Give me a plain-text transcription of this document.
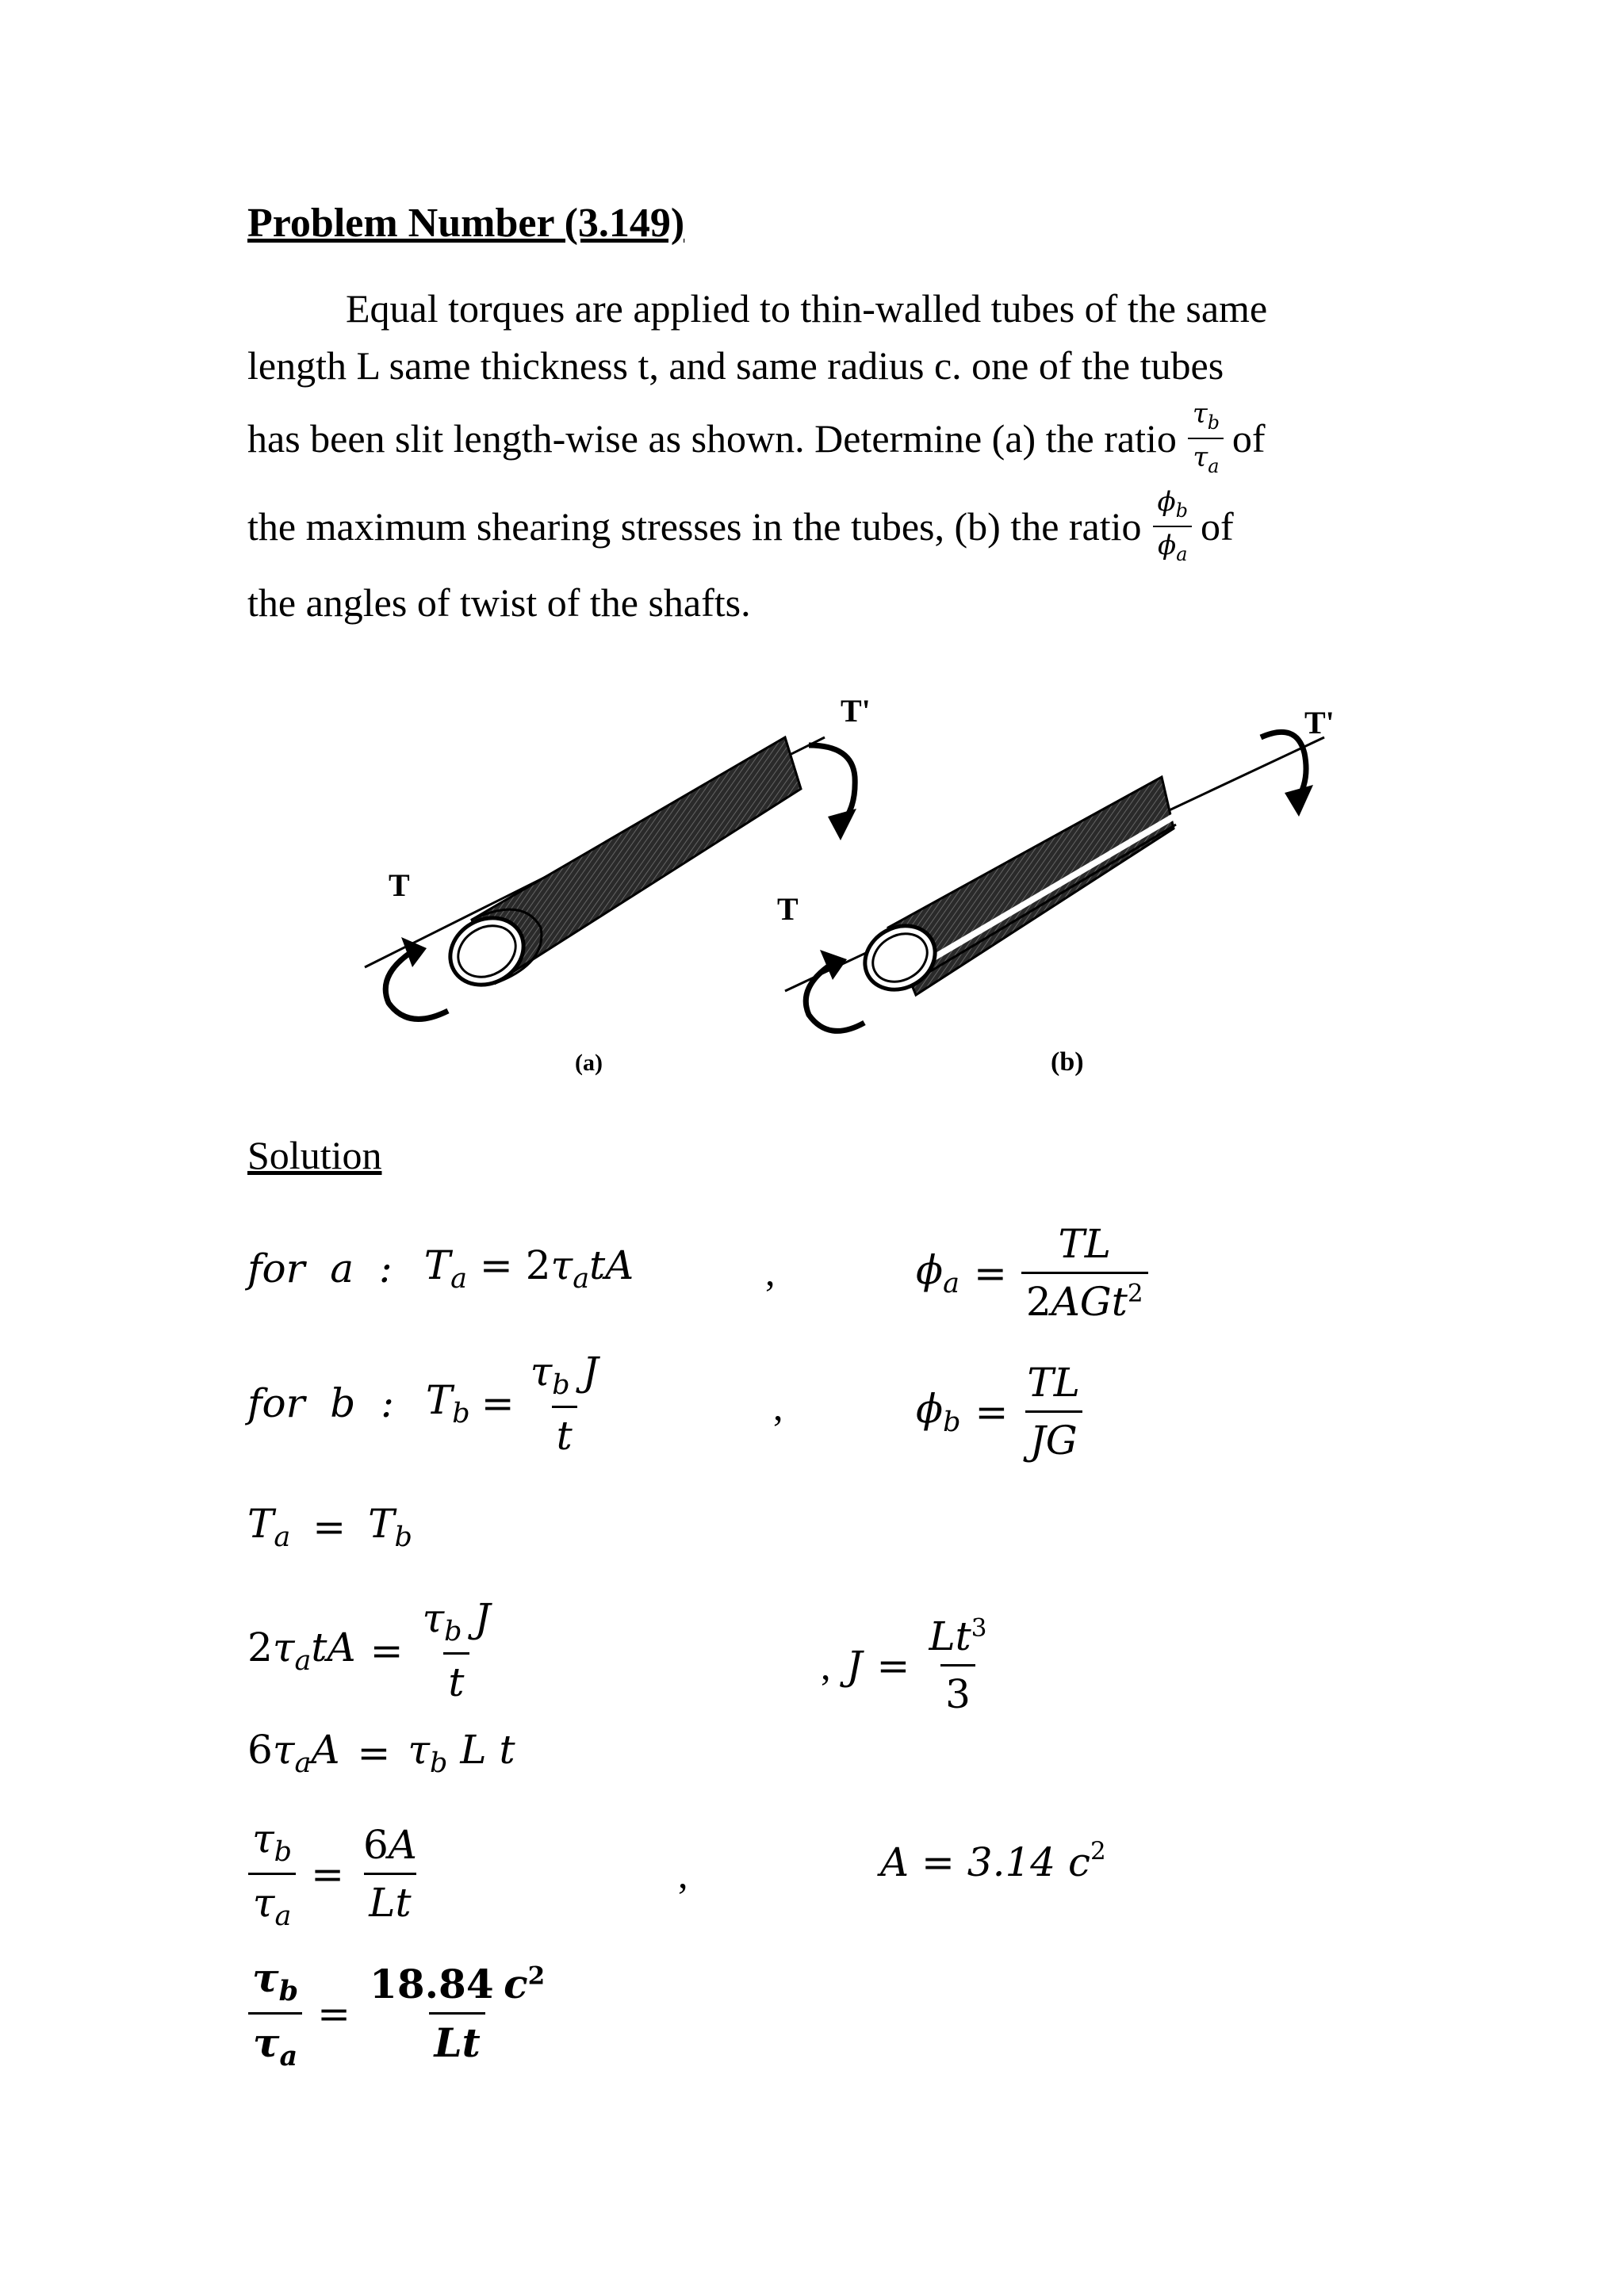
Problem Number (3.149)
Equal torques are applied to thin-walled tubes of the same
length L same thickness t, and same radius c. one of the tubes
has been slit length-wise as shown. Determine (a) the ratio $\frac{\tau_b}{\tau_a}$ of
the maximum shearing stresses in the tubes, (b) the ratio $\frac{\phi_b}{\phi_a}$ of
the angles of twist of the shafts.
T
T'
(a)
T
T'
(b)
Solution
for  a  : $T_a = 2\tau_atA$	,	$\phi_a = \frac{TL}{2AGt^2}$
for  b  : $T_b = \frac{\tau_b J}{t}$	,	$\phi_b = \frac{TL}{JG}$
$T_a = T_b$
$2\tau_atA = \frac{\tau_b J}{t}$	, $J = \frac{Lt^3}{3}$
$6\tau_aA = \tau_b$ L t
$\frac{\tau_b}{\tau_a} = \frac{6A}{Lt}$	,	A = 3.14 $c^2$
$\frac{\tau_b}{\tau_a} = \frac{18.84 c^2}{Lt}$
